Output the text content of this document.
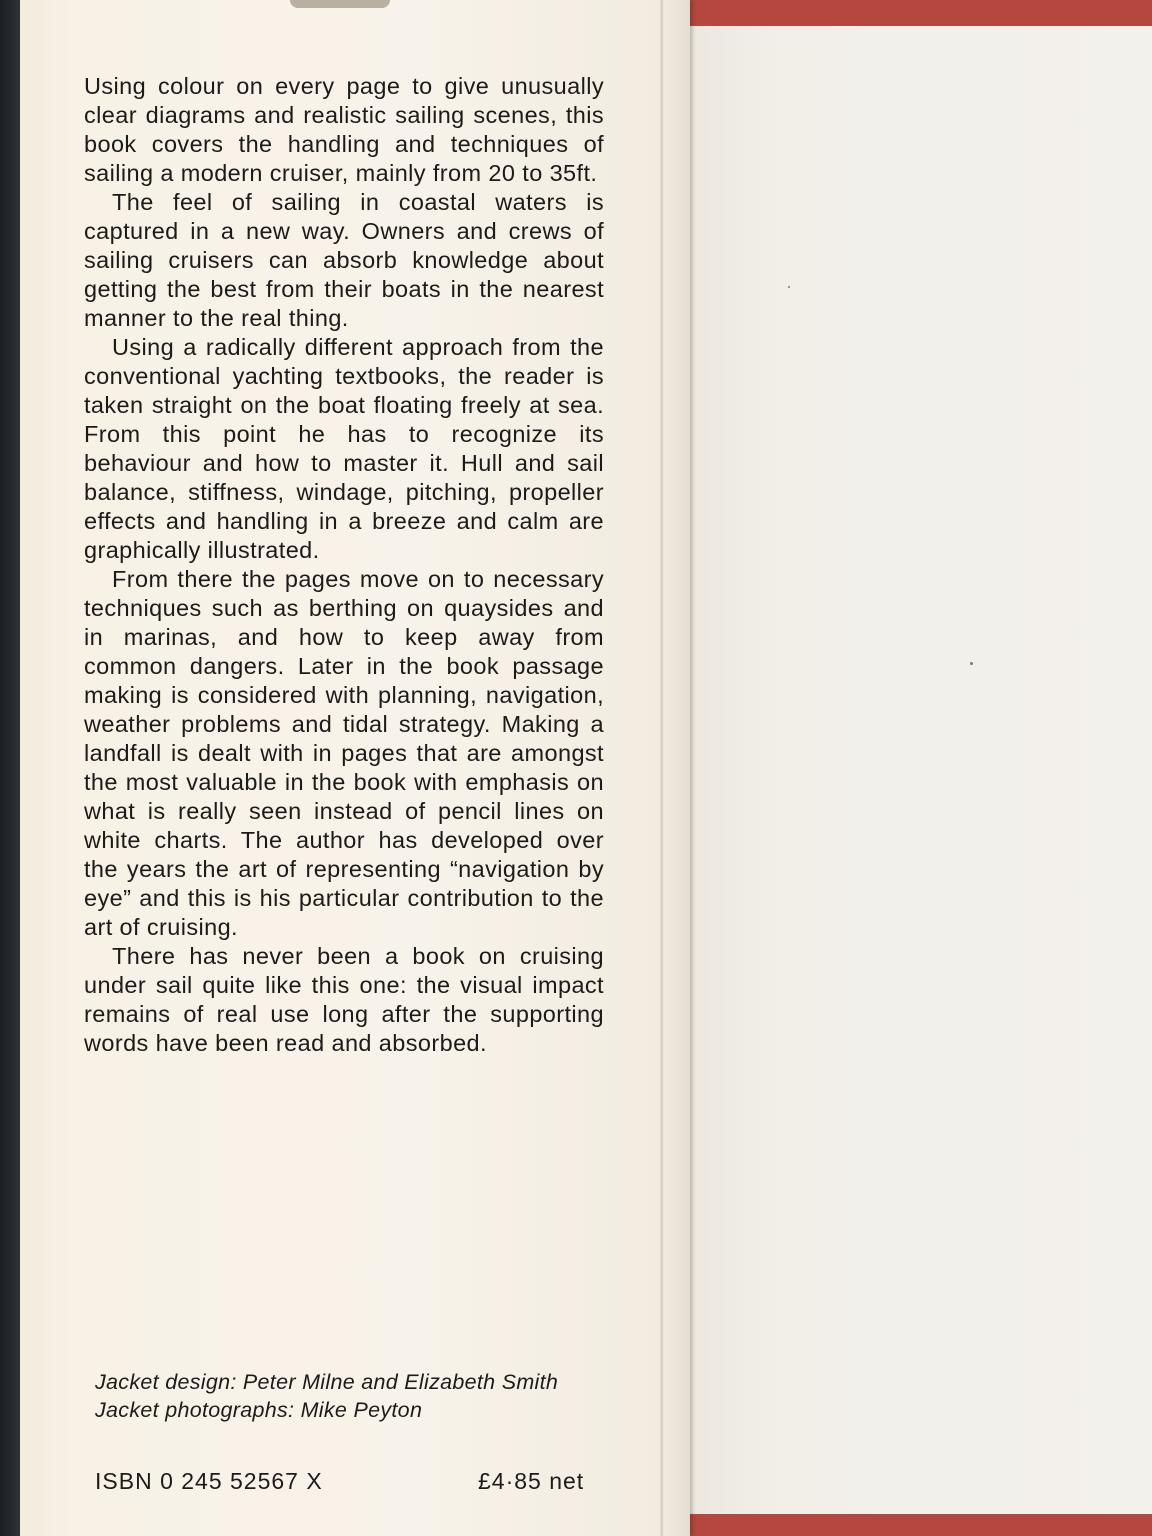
Using colour on every page to give unusually clear diagrams and realistic sailing scenes, this book covers the handling and techniques of sailing a modern cruiser, mainly from 20 to 35ft.

The feel of sailing in coastal waters is captured in a new way. Owners and crews of sailing cruisers can absorb knowledge about getting the best from their boats in the nearest manner to the real thing.

Using a radically different approach from the conventional yachting textbooks, the reader is taken straight on the boat floating freely at sea. From this point he has to recognize its behaviour and how to master it. Hull and sail balance, stiffness, windage, pitching, propeller effects and handling in a breeze and calm are graphically illustrated.

From there the pages move on to necessary techniques such as berthing on quaysides and in marinas, and how to keep away from common dangers. Later in the book passage making is considered with planning, navigation, weather problems and tidal strategy. Making a landfall is dealt with in pages that are amongst the most valuable in the book with emphasis on what is really seen instead of pencil lines on white charts. The author has developed over the years the art of representing “navigation by eye” and this is his particular contribution to the art of cruising.

There has never been a book on cruising under sail quite like this one: the visual impact remains of real use long after the supporting words have been read and absorbed.

Jacket design: Peter Milne and Elizabeth Smith
Jacket photographs: Mike Peyton
ISBN 0 245 52567 X	£4·85 net
